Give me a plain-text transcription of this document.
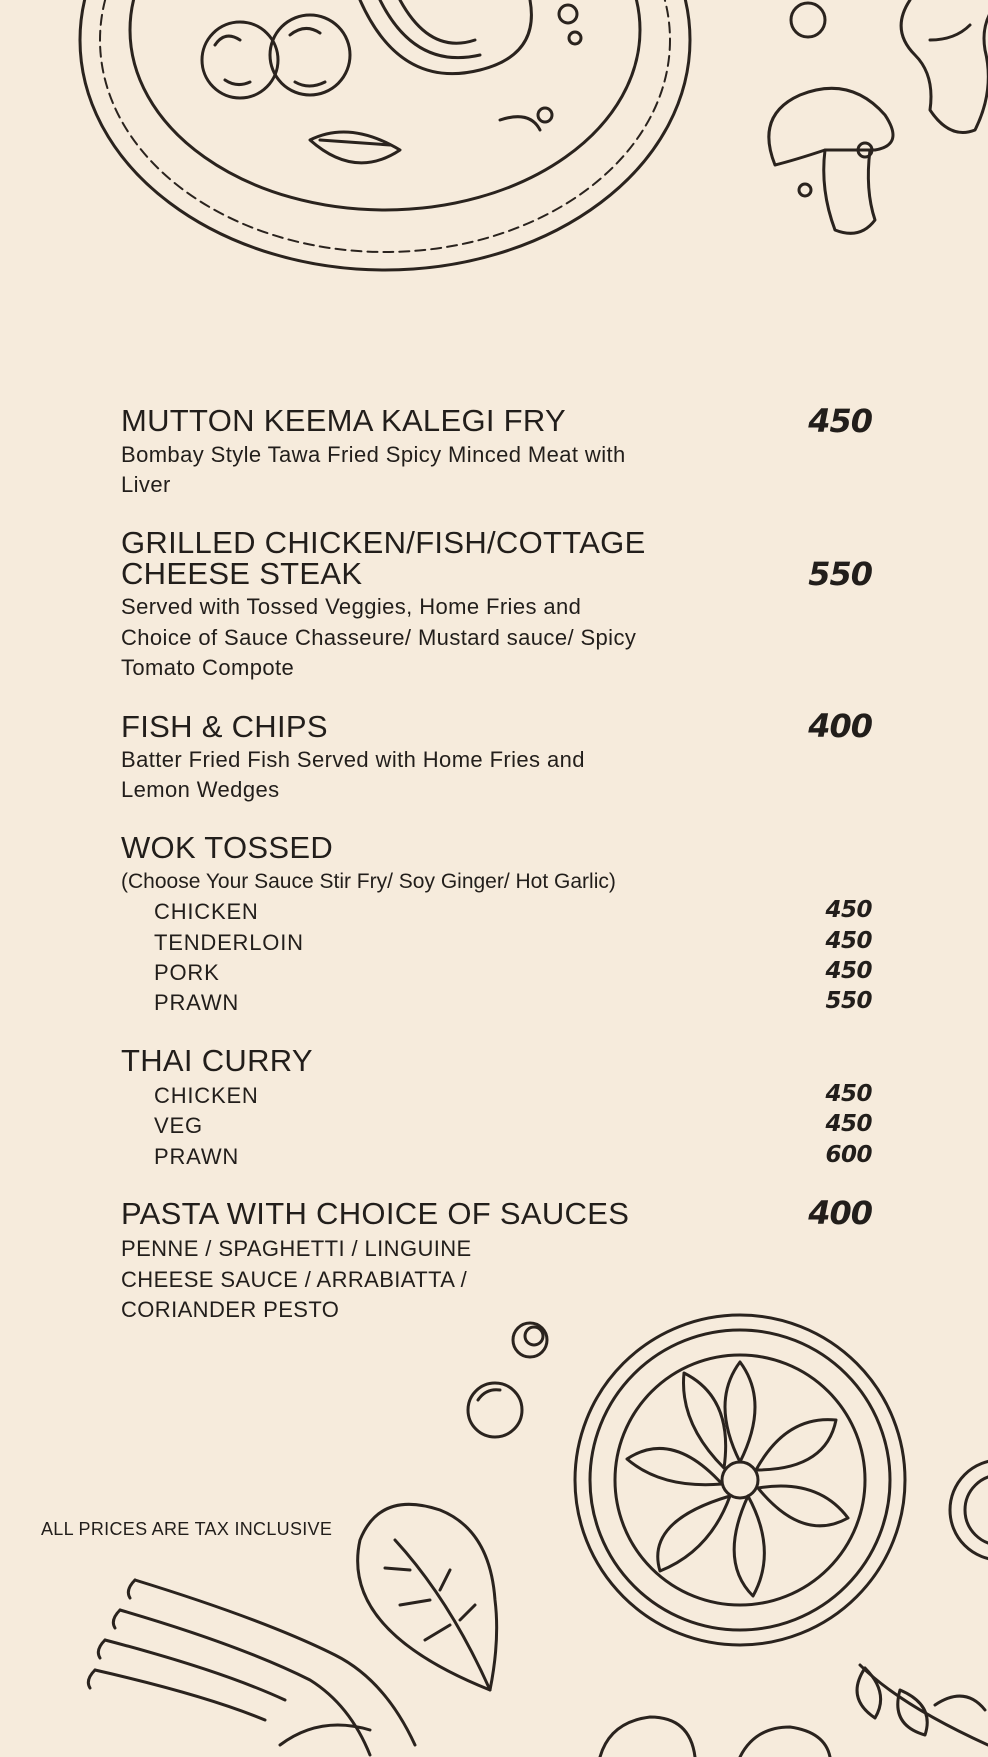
MUTTON KEEMA KALEGI FRY	450
Bombay Style Tawa Fried Spicy Minced Meat with
Liver
GRILLED CHICKEN/FISH/COTTAGE
CHEESE STEAK	550
Served with Tossed Veggies, Home Fries and
Choice of Sauce Chasseure/ Mustard sauce/ Spicy
Tomato Compote
FISH & CHIPS	400
Batter Fried Fish Served with Home Fries and
Lemon Wedges
WOK TOSSED
(Choose Your Sauce Stir Fry/ Soy Ginger/ Hot Garlic)
CHICKEN	450
TENDERLOIN	450
PORK	450
PRAWN	550
THAI CURRY
CHICKEN	450
VEG	450
PRAWN	600
PASTA WITH CHOICE OF SAUCES	400
PENNE / SPAGHETTI / LINGUINE
CHEESE SAUCE / ARRABIATTA /
CORIANDER PESTO
ALL PRICES ARE TAX INCLUSIVE
